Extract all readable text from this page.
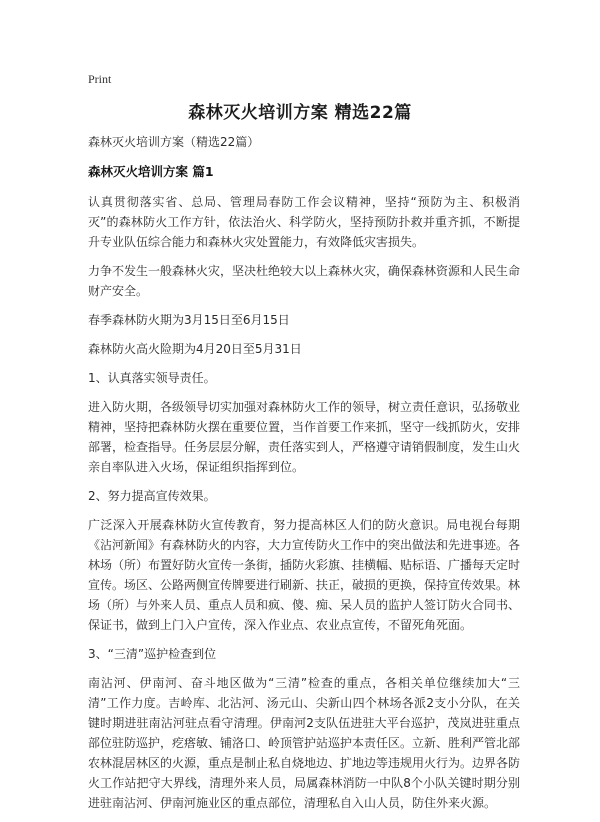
Print
森林灭火培训方案 精选22篇

森林灭火培训方案（精选22篇）

森林灭火培训方案 篇1

认真贯彻落实省、总局、管理局春防工作会议精神，坚持“预防为主、积极消灭”的森林防火工作方针，依法治火、科学防火，坚持预防扑救并重齐抓，不断提升专业队伍综合能力和森林火灾处置能力，有效降低灾害损失。

力争不发生一般森林火灾，坚决杜绝较大以上森林火灾，确保森林资源和人民生命财产安全。

春季森林防火期为3月15日至6月15日

森林防火高火险期为4月20日至5月31日

1、认真落实领导责任。

进入防火期，各级领导切实加强对森林防火工作的领导，树立责任意识，弘扬敬业精神，坚持把森林防火摆在重要位置，当作首要工作来抓，坚守一线抓防火，安排部署，检查指导。任务层层分解，责任落实到人，严格遵守请销假制度，发生山火亲自率队进入火场，保证组织指挥到位。

2、努力提高宣传效果。

广泛深入开展森林防火宣传教育，努力提高林区人们的防火意识。局电视台每期《沾河新闻》有森林防火的内容，大力宣传防火工作中的突出做法和先进事迹。各林场（所）布置好防火宣传一条街，插防火彩旗、挂横幅、贴标语、广播每天定时宣传。场区、公路两侧宣传牌要进行刷新、扶正，破损的更换，保持宣传效果。林场（所）与外来人员、重点人员和疯、傻、痴、呆人员的监护人签订防火合同书、保证书，做到上门入户宣传，深入作业点、农业点宣传，不留死角死面。

3、“三清”巡护检查到位

南沾河、伊南河、奋斗地区做为“三清”检查的重点，各相关单位继续加大“三清”工作力度。吉岭库、北沾河、汤元山、尖新山四个林场各派2支小分队，在关键时期进驻南沾河驻点看守清理。伊南河2支队伍进驻大平台巡护，茂岚进驻重点部位驻防巡护，疙瘩敏、铺洛口、岭顶管护站巡护本责任区。立新、胜利严管北部农林混居林区的火源，重点是制止私自烧地边、扩地边等违规用火行为。边界各防火工作站把守大界线，清理外来人员，局属森林消防一中队8个小队关键时期分别进驻南沾河、伊南河施业区的重点部位，清理私自入山人员，防住外来火源。
